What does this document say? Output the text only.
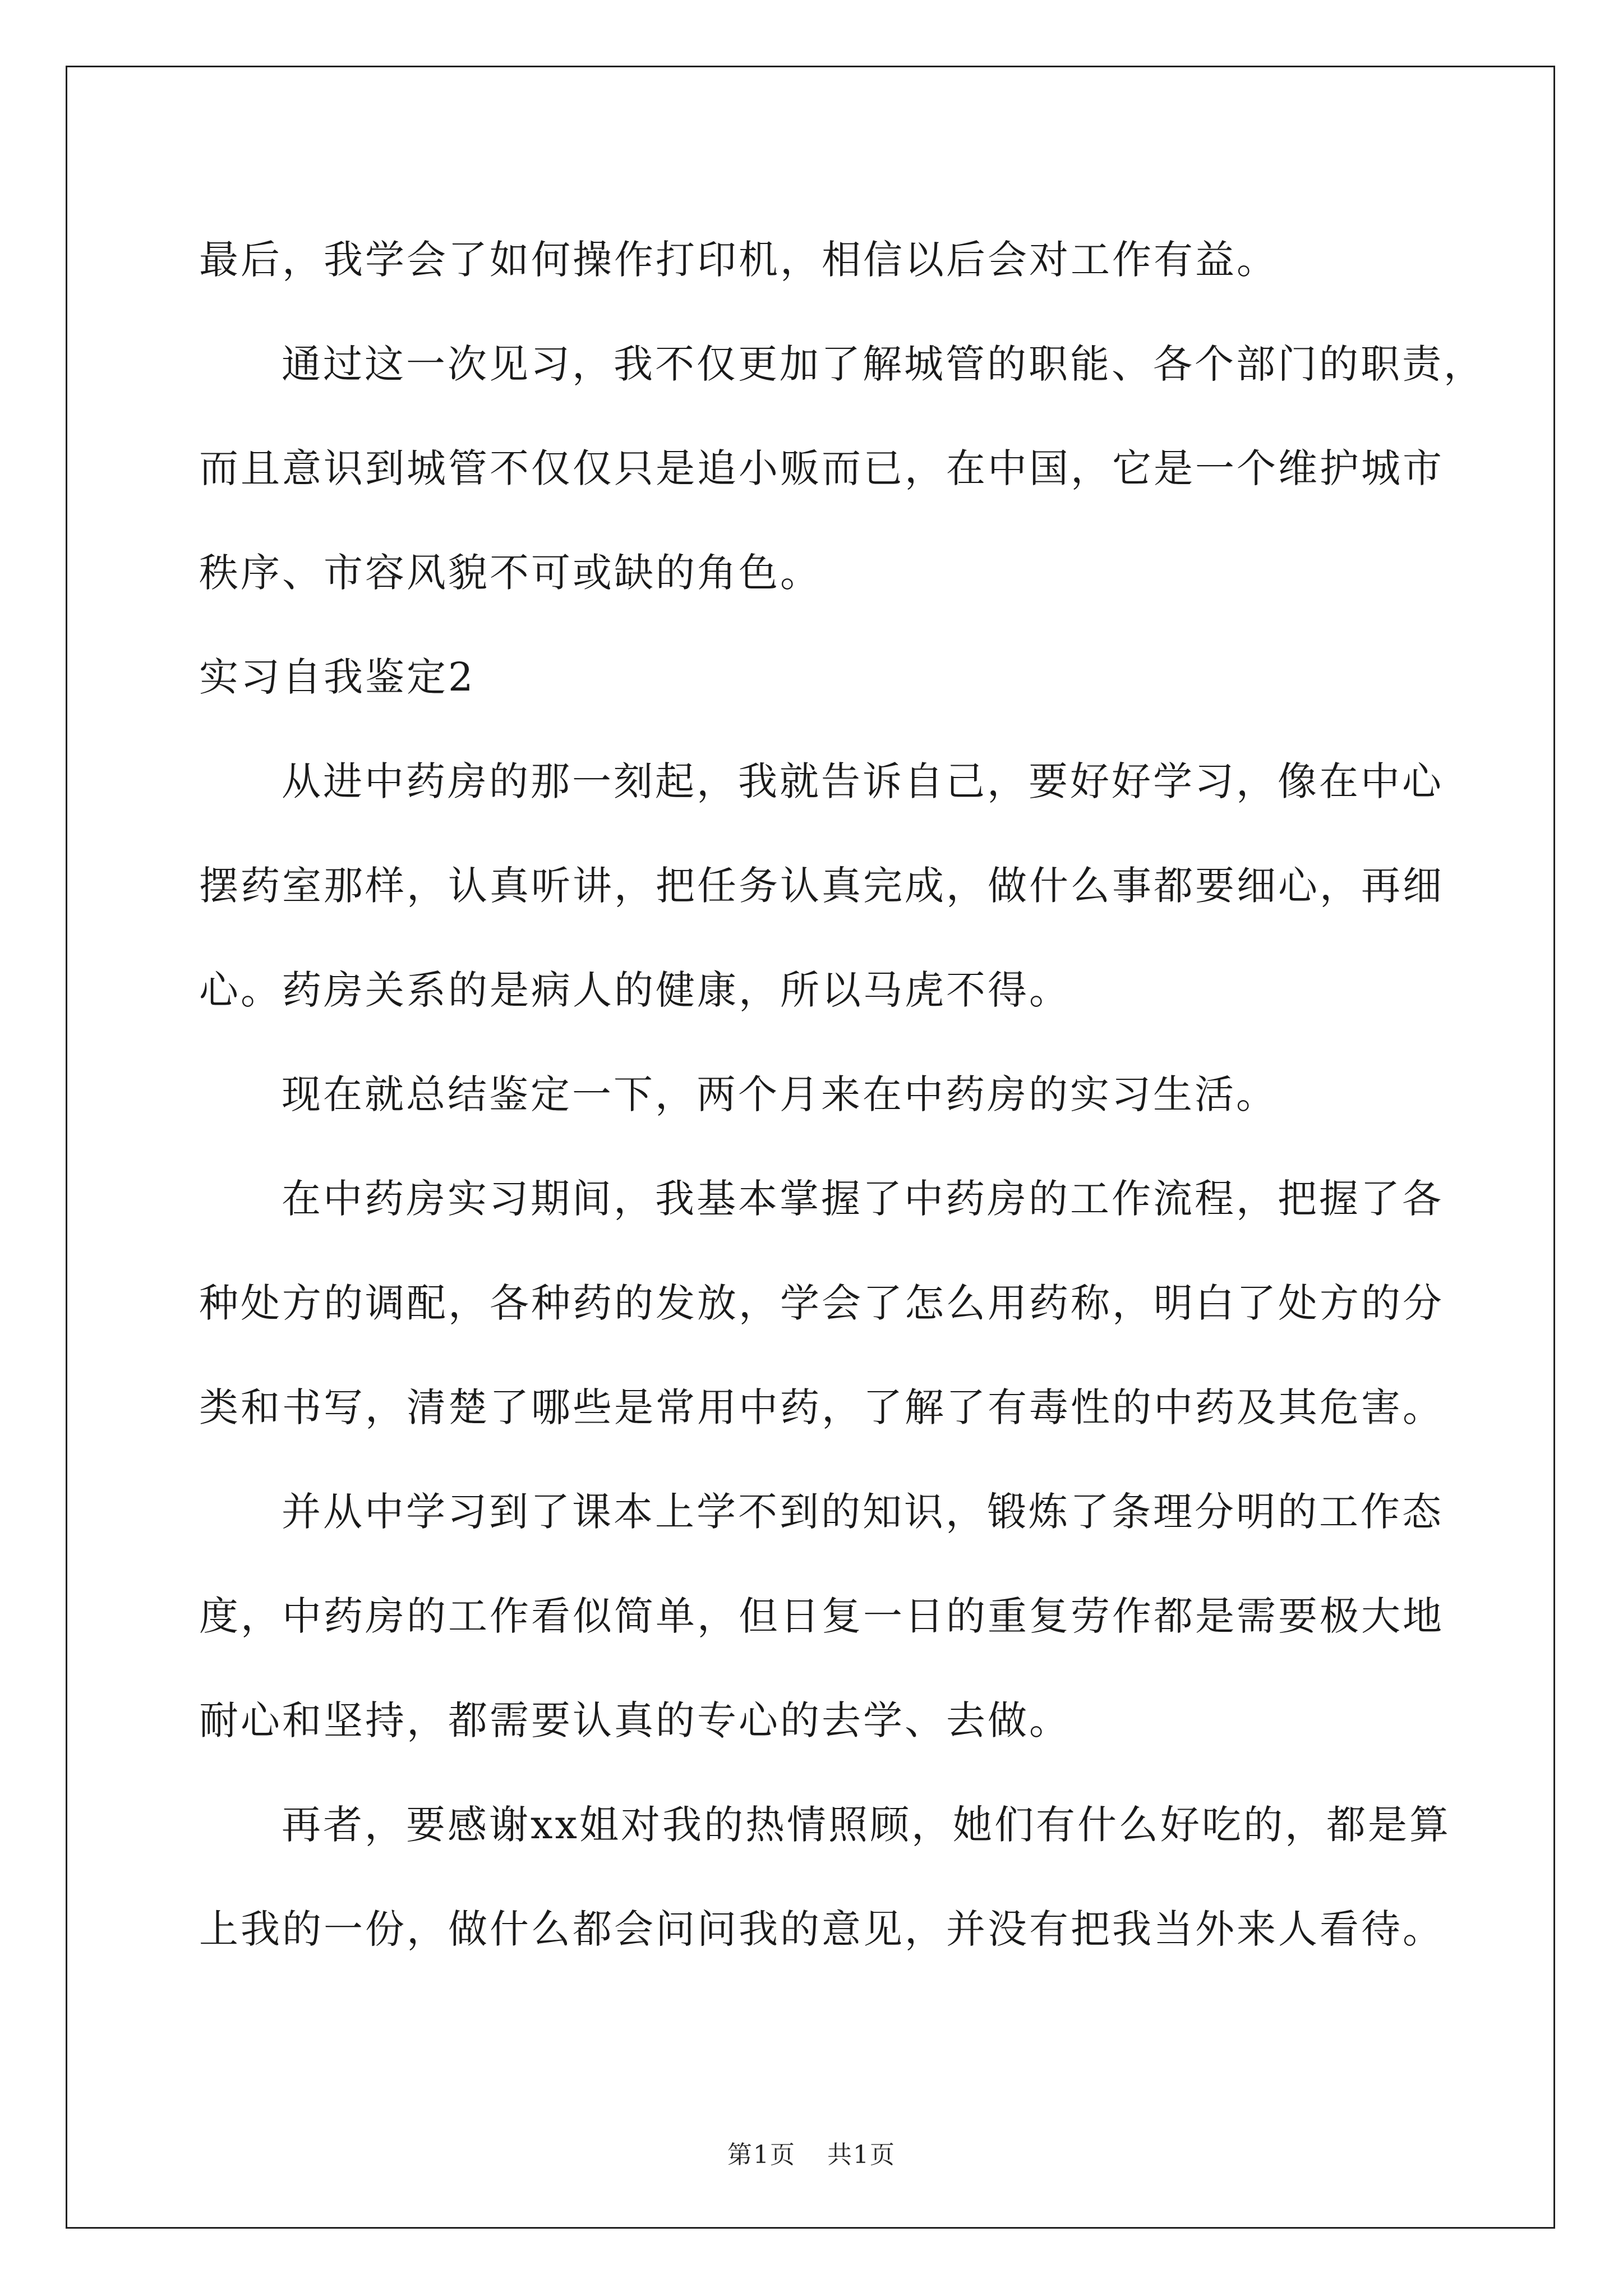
最后，我学会了如何操作打印机，相信以后会对工作有益。
通过这一次见习，我不仅更加了解城管的职能、各个部门的职责，
而且意识到城管不仅仅只是追小贩而已，在中国，它是一个维护城市
秩序、市容风貌不可或缺的角色。
实习自我鉴定2
从进中药房的那一刻起，我就告诉自己，要好好学习，像在中心
摆药室那样，认真听讲，把任务认真完成，做什么事都要细心，再细
心。药房关系的是病人的健康，所以马虎不得。
现在就总结鉴定一下，两个月来在中药房的实习生活。
在中药房实习期间，我基本掌握了中药房的工作流程，把握了各
种处方的调配，各种药的发放，学会了怎么用药称，明白了处方的分
类和书写，清楚了哪些是常用中药，了解了有毒性的中药及其危害。
并从中学习到了课本上学不到的知识，锻炼了条理分明的工作态
度，中药房的工作看似简单，但日复一日的重复劳作都是需要极大地
耐心和坚持，都需要认真的专心的去学、去做。
再者，要感谢xx姐对我的热情照顾，她们有什么好吃的，都是算
上我的一份，做什么都会问问我的意见，并没有把我当外来人看待。
第1页 共1页
